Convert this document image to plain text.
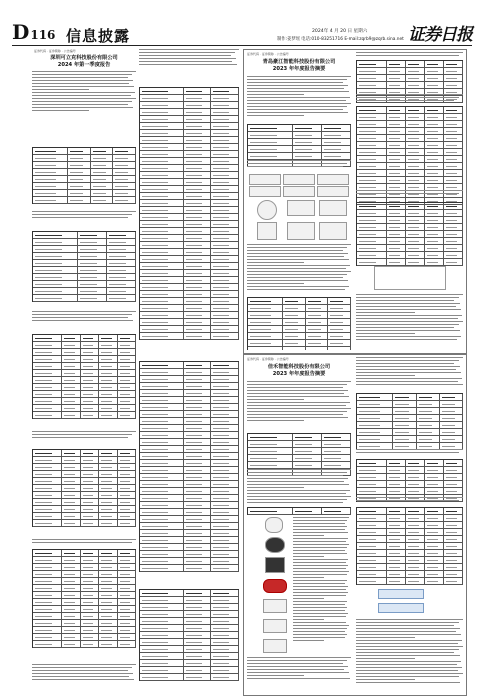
D116 信息披露	2024年 4 月 20 日 星期六
制作:姜梦瑶 电话:010-83251716 E-mail:zqrb9@zqrb.sina.net 证券日报
证券代码 · 证券简称 · 公告编号
深圳可立克科技股份有限公司
2024 年第一季度报告
证券代码 · 证券简称 · 公告编号
青岛豪江智能科技股份有限公司
2023 年年度报告摘要
证券代码 · 证券简称 · 公告编号
佳禾智能科技股份有限公司
2023 年年度报告摘要
